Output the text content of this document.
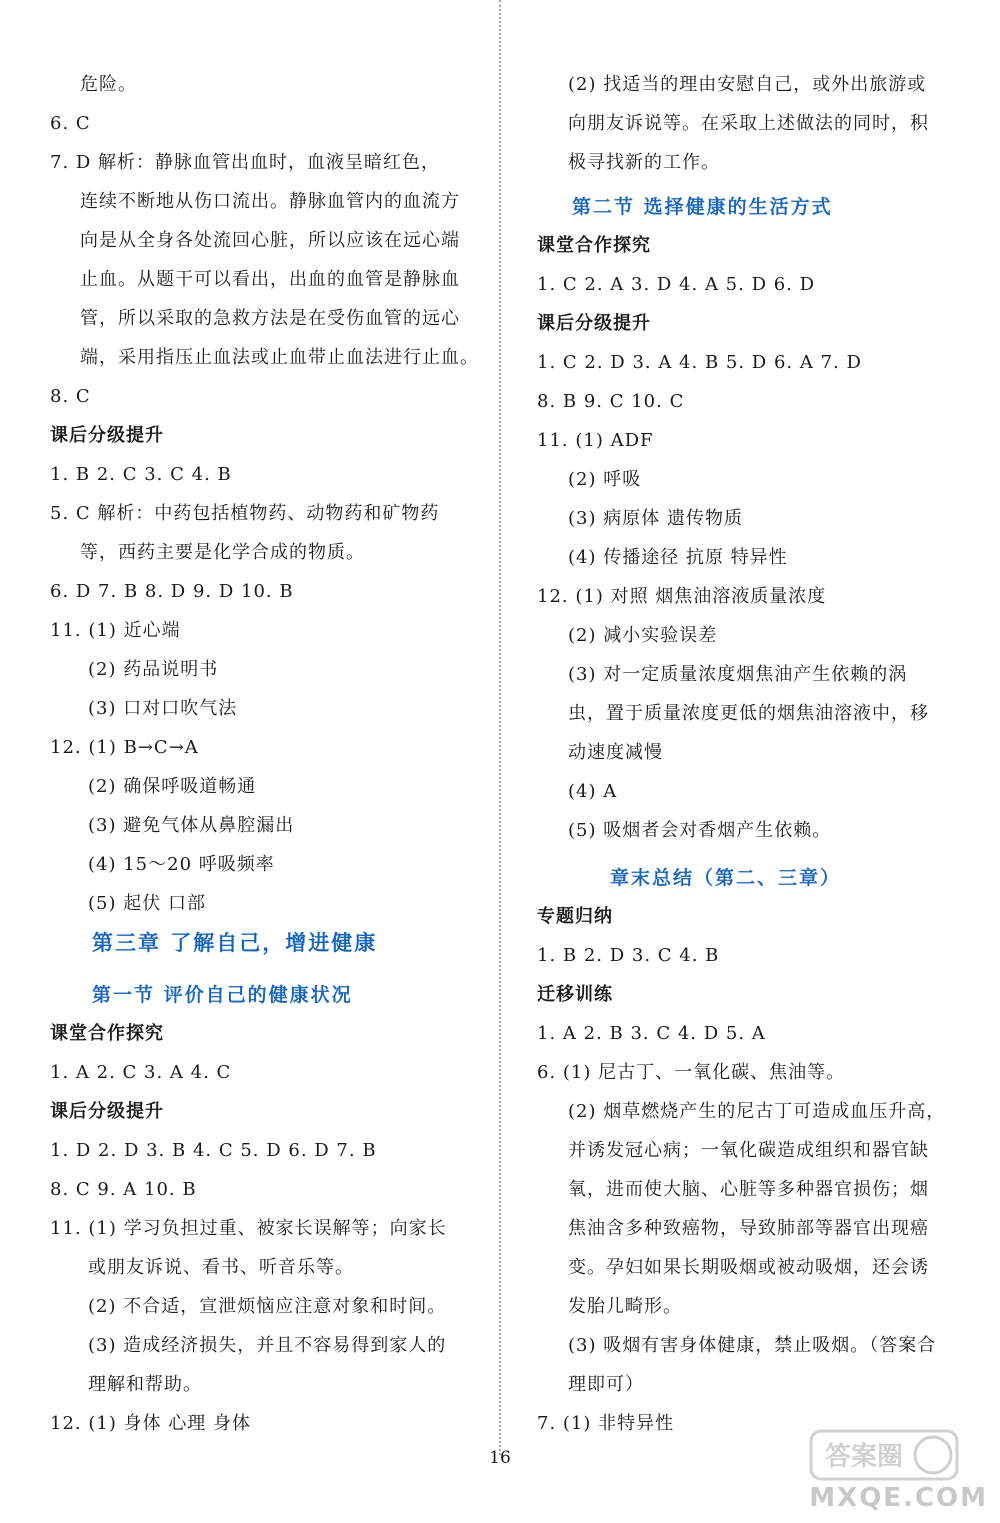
危险。
6. C
7. D 解析：静脉血管出血时，血液呈暗红色，
连续不断地从伤口流出。静脉血管内的血流方
向是从全身各处流回心脏，所以应该在远心端
止血。从题干可以看出，出血的血管是静脉血
管，所以采取的急救方法是在受伤血管的远心
端，采用指压止血法或止血带止血法进行止血。
8. C
课后分级提升
1. B 2. C 3. C 4. B
5. C 解析：中药包括植物药、动物药和矿物药
等，西药主要是化学合成的物质。
6. D 7. B 8. D 9. D 10. B
11. (1) 近心端
(2) 药品说明书
(3) 口对口吹气法
12. (1) B→C→A
(2) 确保呼吸道畅通
(3) 避免气体从鼻腔漏出
(4) 15～20 呼吸频率
(5) 起伏 口部
第三章 了解自己，增进健康
第一节 评价自己的健康状况
课堂合作探究
1. A 2. C 3. A 4. C
课后分级提升
1. D 2. D 3. B 4. C 5. D 6. D 7. B
8. C 9. A 10. B
11. (1) 学习负担过重、被家长误解等；向家长
或朋友诉说、看书、听音乐等。
(2) 不合适，宣泄烦恼应注意对象和时间。
(3) 造成经济损失，并且不容易得到家人的
理解和帮助。
12. (1) 身体 心理 身体
(2) 找适当的理由安慰自己，或外出旅游或
向朋友诉说等。在采取上述做法的同时，积
极寻找新的工作。
第二节 选择健康的生活方式
课堂合作探究
1. C 2. A 3. D 4. A 5. D 6. D
课后分级提升
1. C 2. D 3. A 4. B 5. D 6. A 7. D
8. B 9. C 10. C
11. (1) ADF
(2) 呼吸
(3) 病原体 遗传物质
(4) 传播途径 抗原 特异性
12. (1) 对照 烟焦油溶液质量浓度
(2) 减小实验误差
(3) 对一定质量浓度烟焦油产生依赖的涡
虫，置于质量浓度更低的烟焦油溶液中，移
动速度减慢
(4) A
(5) 吸烟者会对香烟产生依赖。
章末总结（第二、三章）
专题归纳
1. B 2. D 3. C 4. B
迁移训练
1. A 2. B 3. C 4. D 5. A
6. (1) 尼古丁、一氧化碳、焦油等。
(2) 烟草燃烧产生的尼古丁可造成血压升高，
并诱发冠心病；一氧化碳造成组织和器官缺
氧，进而使大脑、心脏等多种器官损伤；烟
焦油含多种致癌物，导致肺部等器官出现癌
变。孕妇如果长期吸烟或被动吸烟，还会诱
发胎儿畸形。
(3) 吸烟有害身体健康，禁止吸烟。（答案合
理即可）
7. (1) 非特异性
16	答案圈
MXQE.COM
